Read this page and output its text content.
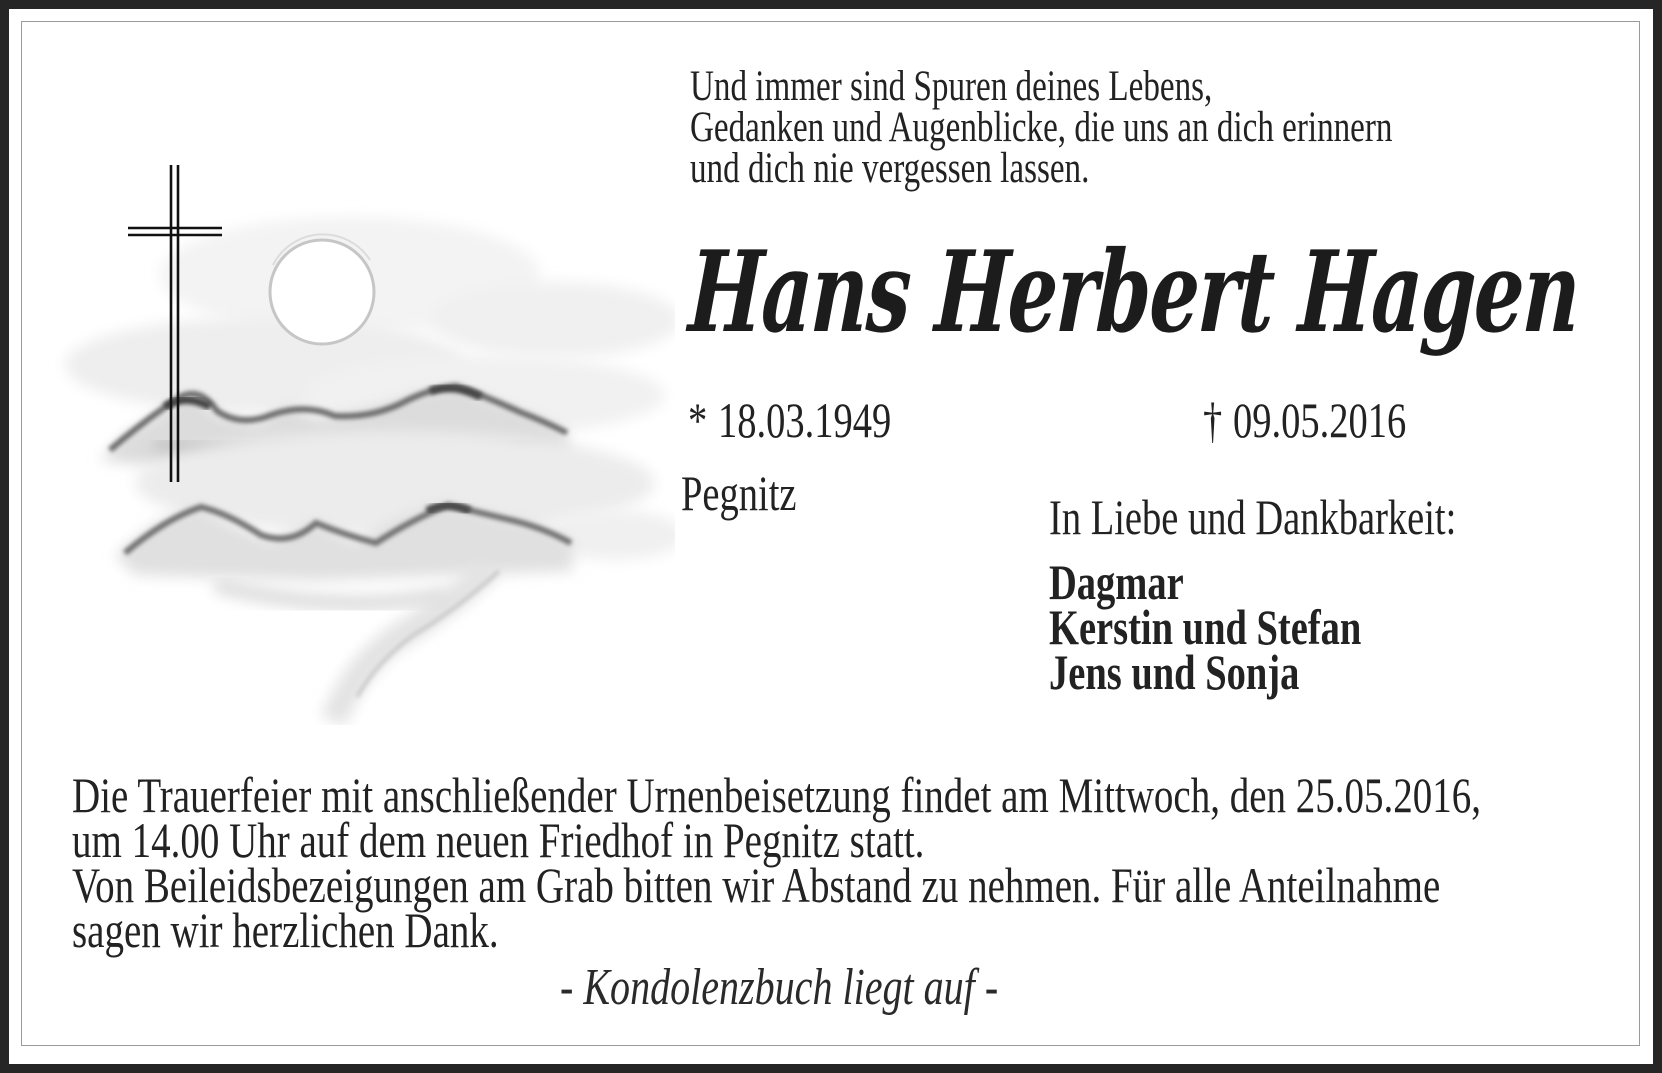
Und immer sind Spuren deines Lebens,
Gedanken und Augenblicke, die uns an dich erinnern
und dich nie vergessen lassen.
Hans Herbert Hagen
* 18.03.1949	† 09.05.2016
Pegnitz	In Liebe und Dankbarkeit:
Dagmar
Kerstin und Stefan
Jens und Sonja
Die Trauerfeier mit anschließender Urnenbeisetzung findet am Mittwoch, den 25.05.2016,
um 14.00 Uhr auf dem neuen Friedhof in Pegnitz statt.
Von Beileidsbezeigungen am Grab bitten wir Abstand zu nehmen. Für alle Anteilnahme
sagen wir herzlichen Dank.
- Kondolenzbuch liegt auf -
